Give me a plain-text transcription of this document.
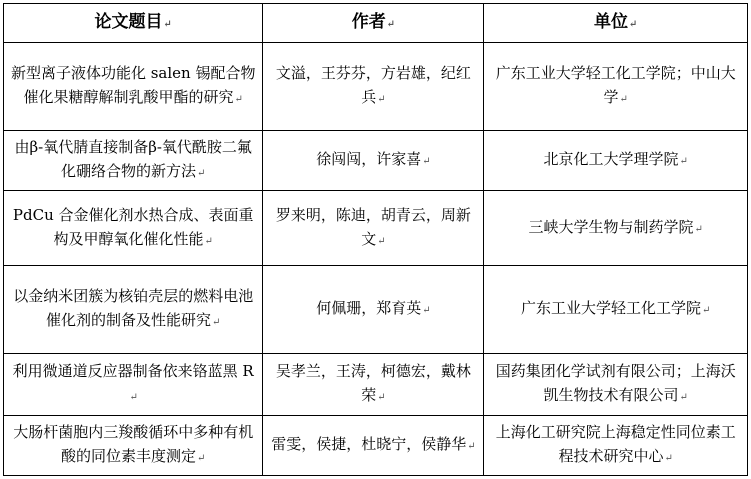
论文题目↵	作者↵	单位↵
新型离子液体功能化 salen 锡配合物催化果糖醇解制乳酸甲酯的研究↵	文溢，王芬芬，方岩雄，纪红兵↵	广东工业大学轻工化工学院；中山大学↵
由β-氧代腈直接制备β-氧代酰胺二氟化硼络合物的新方法↵	徐闯闯，许家喜↵	北京化工大学理学院↵
PdCu 合金催化剂水热合成、表面重构及甲醇氧化催化性能↵	罗来明，陈迪，胡青云，周新文↵	三峡大学生物与制药学院↵
以金纳米团簇为核铂壳层的燃料电池催化剂的制备及性能研究↵	何佩珊，郑育英↵	广东工业大学轻工化工学院↵
利用微通道反应器制备依来铬蓝黑 R↵	吴孝兰，王涛，柯德宏，戴林荣↵	国药集团化学试剂有限公司；上海沃凯生物技术有限公司↵
大肠杆菌胞内三羧酸循环中多种有机酸的同位素丰度测定↵	雷雯，侯捷，杜晓宁，侯静华↵	上海化工研究院上海稳定性同位素工程技术研究中心↵
